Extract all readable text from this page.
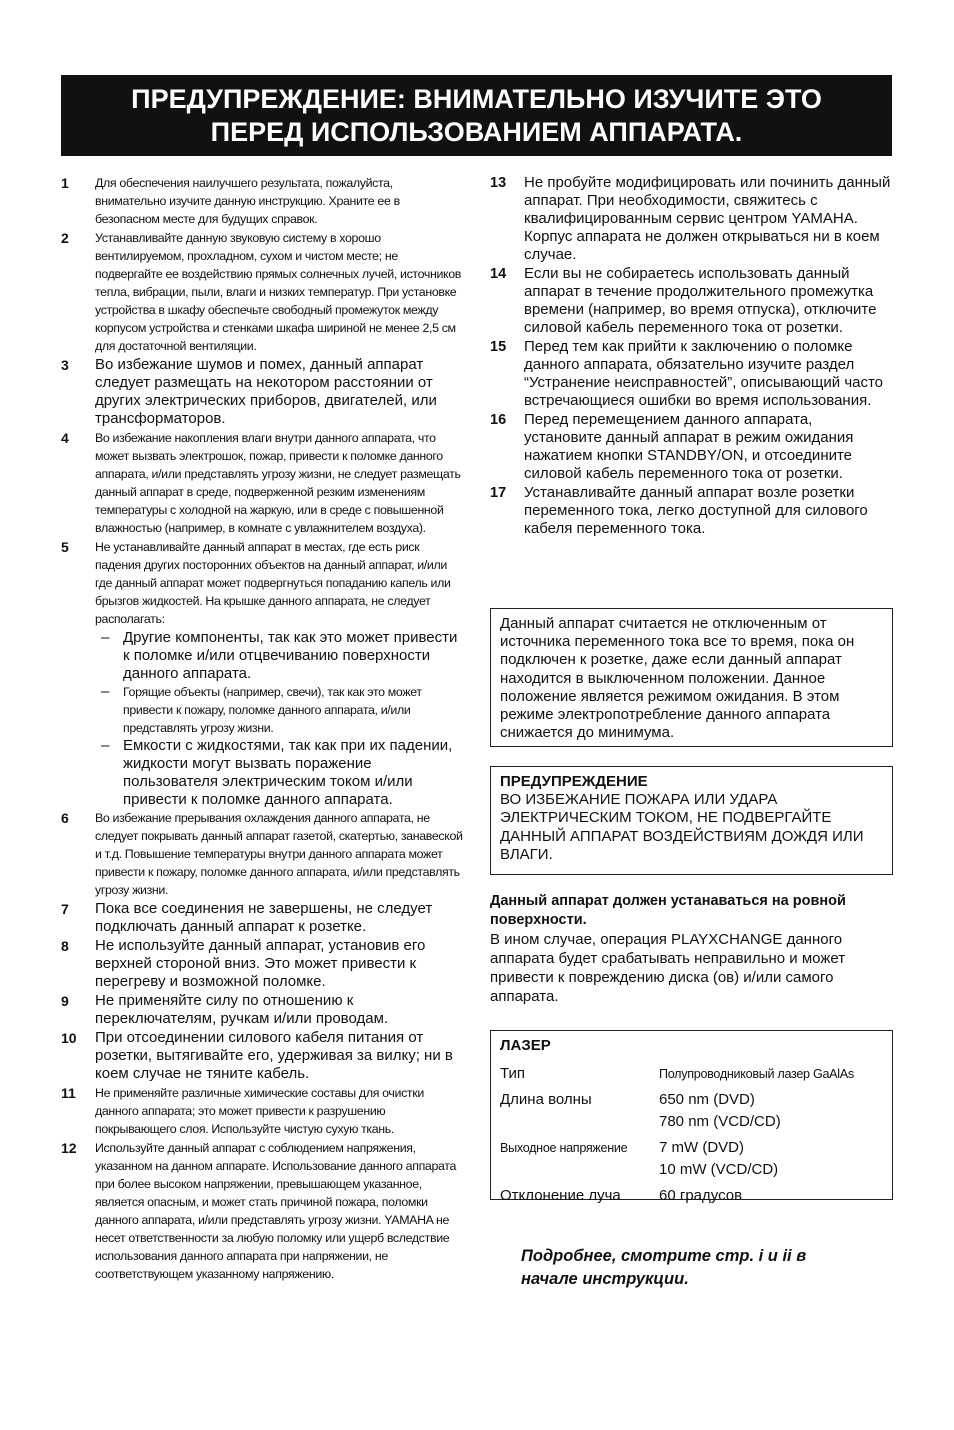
ПРЕДУПРЕЖДЕНИЕ: ВНИМАТЕЛЬНО ИЗУЧИТЕ ЭТО
ПЕРЕД ИСПОЛЬЗОВАНИЕМ АППАРАТА.
1 Для обеспечения наилучшего результата, пожалуйста, внимательно изучите данную инструкцию. Храните ее в безопасном месте для будущих справок.
2 Устанавливайте данную звуковую систему в хорошо вентилируемом, прохладном, сухом и чистом месте; не подвергайте ее воздействию прямых солнечных лучей, источников тепла, вибрации, пыли, влаги и низких температур. При установке устройства в шкафу обеспечьте свободный промежуток между корпусом устройства и стенками шкафа шириной не менее 2,5 см для достаточной вентиляции.
3 Во избежание шумов и помех, данный аппарат следует размещать на некотором расстоянии от других электрических приборов, двигателей, или трансформаторов.
4 Во избежание накопления влаги внутри данного аппарата, что может вызвать электрошок, пожар, привести к поломке данного аппарата, и/или представлять угрозу жизни, не следует размещать данный аппарат в среде, подверженной резким изменениям температуры с холодной на жаркую, или в среде с повышенной влажностью (например, в комнате с увлажнителем воздуха).
5 Не устанавливайте данный аппарат в местах, где есть риск падения других посторонних объектов на данный аппарат, и/или где данный аппарат может подвергнуться попаданию капель или брызгов жидкостей. На крышке данного аппарата, не следует располагать:
– Другие компоненты, так как это может привести к поломке и/или отцвечиванию поверхности данного аппарата.
– Горящие объекты (например, свечи), так как это может привести к пожару, поломке данного аппарата, и/или представлять угрозу жизни.
– Емкости с жидкостями, так как при их падении, жидкости могут вызвать поражение пользователя электрическим током и/или привести к поломке данного аппарата.
6 Во избежание прерывания охлаждения данного аппарата, не следует покрывать данный аппарат газетой, скатертью, занавеской и т.д. Повышение температуры внутри данного аппарата может привести к пожару, поломке данного аппарата, и/или представлять угрозу жизни.
7 Пока все соединения не завершены, не следует подключать данный аппарат к розетке.
8 Не используйте данный аппарат, установив его верхней стороной вниз. Это может привести к перегреву и возможной поломке.
9 Не применяйте силу по отношению к переключателям, ручкам и/или проводам.
10 При отсоединении силового кабеля питания от розетки, вытягивайте его, удерживая за вилку; ни в коем случае не тяните кабель.
11 Не применяйте различные химические составы для очистки данного аппарата; это может привести к разрушению покрывающего слоя. Используйте чистую сухую ткань.
12 Используйте данный аппарат с соблюдением напряжения, указанном на данном аппарате. Использование данного аппарата при более высоком напряжении, превышающем указанное, является опасным, и может стать причиной пожара, поломки данного аппарата, и/или представлять угрозу жизни. YAMAHA не несет ответственности за любую поломку или ущерб вследствие использования данного аппарата при напряжении, не соответствующем указанному напряжению.
13 Не пробуйте модифицировать или починить данный аппарат. При необходимости, свяжитесь с квалифицированным сервис центром YAMAHA. Корпус аппарата не должен открываться ни в коем случае.
14 Если вы не собираетесь использовать данный аппарат в течение продолжительного промежутка времени (например, во время отпуска), отключите силовой кабель переменного тока от розетки.
15 Перед тем как прийти к заключению о поломке данного аппарата, обязательно изучите раздел “Устранение неисправностей”, описывающий часто встречающиеся ошибки во время использования.
16 Перед перемещением данного аппарата, установите данный аппарат в режим ожидания нажатием кнопки STANDBY/ON, и отсоедините силовой кабель переменного тока от розетки.
17 Устанавливайте данный аппарат возле розетки переменного тока, легко доступной для силового кабеля переменного тока.
Данный аппарат считается не отключенным от источника переменного тока все то время, пока он подключен к розетке, даже если данный аппарат находится в выключенном положении. Данное положение является режимом ожидания. В этом режиме электропотребление данного аппарата снижается до минимума.
ПРЕДУПРЕЖДЕНИЕ
ВО ИЗБЕЖАНИЕ ПОЖАРА ИЛИ УДАРА ЭЛЕКТРИЧЕСКИМ ТОКОМ, НЕ ПОДВЕРГАЙТЕ ДАННЫЙ АППАРАТ ВОЗДЕЙСТВИЯМ ДОЖДЯ ИЛИ ВЛАГИ.
Данный аппарат должен устанаваться на ровной поверхности.
В ином случае, операция PLAYXCHANGE данного аппарата будет срабатывать неправильно и может привести к повреждению диска (ов) и/или самого аппарата.
ЛАЗЕР
Тип	Полупроводниковый лазер GaAlAs
Длина волны	650 nm (DVD)
780 nm (VCD/CD)
Выходное напряжение 7 mW (DVD)
10 mW (VCD/CD)
Отклонение луча	60 градусов
Подробнее, смотрите стр. i и ii в
начале инструкции.
